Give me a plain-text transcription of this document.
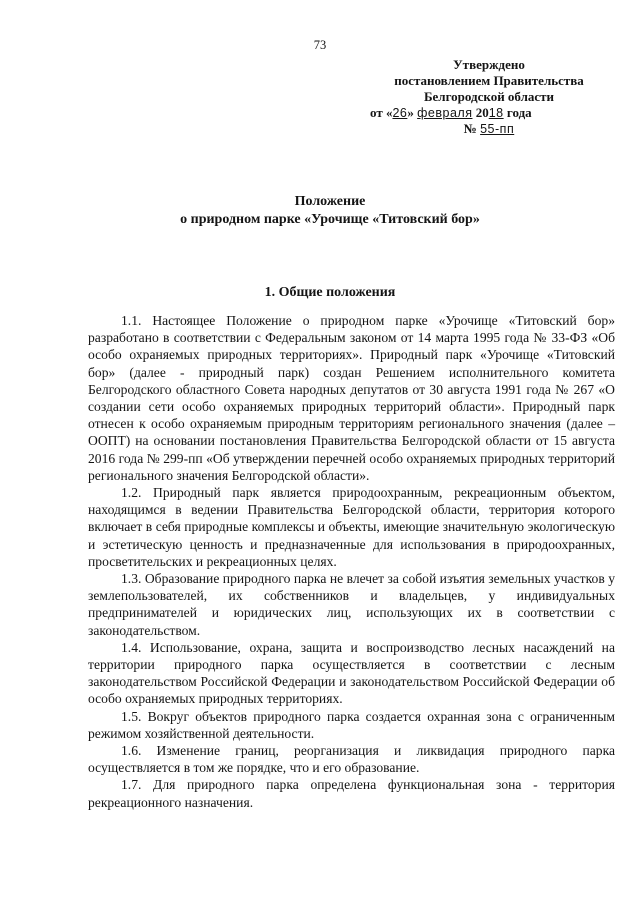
73
Утверждено
постановлением Правительства
Белгородской области
от «26» февраля 2018 года
№ 55-пп
Положение
о природном парке «Урочище «Титовский бор»
1. Общие положения

1.1. Настоящее Положение о природном парке «Урочище «Титовский бор» разработано в соответствии с Федеральным законом от 14 марта 1995 года № 33-ФЗ «Об особо охраняемых природных территориях». Природный парк «Урочище «Титовский бор» (далее - природный парк) создан Решением исполнительного комитета Белгородского областного Совета народных депутатов от 30 августа 1991 года № 267 «О создании сети особо охраняемых природных территорий области». Природный парк отнесен к особо охраняемым природным территориям регионального значения (далее – ООПТ) на основании постановления Правительства Белгородской области от 15 августа 2016 года № 299-пп «Об утверждении перечней особо охраняемых природных территорий регионального значения Белгородской области».

1.2. Природный парк является природоохранным, рекреационным объектом, находящимся в ведении Правительства Белгородской области, территория которого включает в себя природные комплексы и объекты, имеющие значительную экологическую и эстетическую ценность и предназначенные для использования в природоохранных, просветительских и рекреационных целях.

1.3. Образование природного парка не влечет за собой изъятия земельных участков у землепользователей, их собственников и владельцев, у индивидуальных предпринимателей и юридических лиц, использующих их в соответствии с законодательством.

1.4. Использование, охрана, защита и воспроизводство лесных насаждений на территории природного парка осуществляется в соответствии с лесным законодательством Российской Федерации и законодательством Российской Федерации об особо охраняемых природных территориях.

1.5. Вокруг объектов природного парка создается охранная зона с ограниченным режимом хозяйственной деятельности.

1.6. Изменение границ, реорганизация и ликвидация природного парка осуществляется в том же порядке, что и его образование.

1.7. Для природного парка определена функциональная зона - территория рекреационного назначения.
